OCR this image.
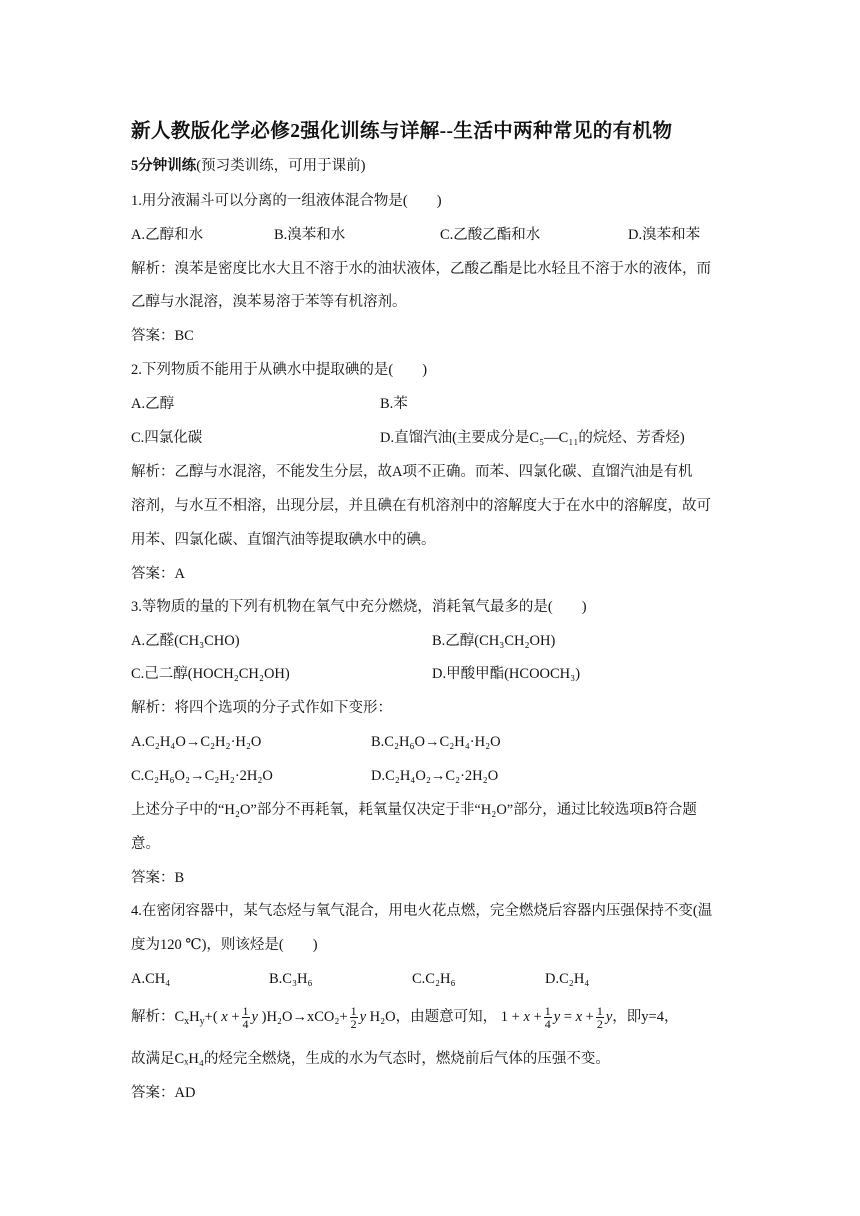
新人教版化学必修2强化训练与详解--生活中两种常见的有机物
5分钟训练(预习类训练，可用于课前)
1.用分液漏斗可以分离的一组液体混合物是(　　)
A.乙醇和水	B.溴苯和水	C.乙酸乙酯和水	D.溴苯和苯
解析：溴苯是密度比水大且不溶于水的油状液体，乙酸乙酯是比水轻且不溶于水的液体，而
乙醇与水混溶，溴苯易溶于苯等有机溶剂。
答案：BC
2.下列物质不能用于从碘水中提取碘的是(　　)
A.乙醇	B.苯
C.四氯化碳	D.直馏汽油(主要成分是C₅—C₁₁的烷烃、芳香烃)
解析：乙醇与水混溶，不能发生分层，故A项不正确。而苯、四氯化碳、直馏汽油是有机
溶剂，与水互不相溶，出现分层，并且碘在有机溶剂中的溶解度大于在水中的溶解度，故可
用苯、四氯化碳、直馏汽油等提取碘水中的碘。
答案：A
3.等物质的量的下列有机物在氧气中充分燃烧，消耗氧气最多的是(　　)
A.乙醛(CH₃CHO)	B.乙醇(CH₃CH₂OH)
C.己二醇(HOCH₂CH₂OH)	D.甲酸甲酯(HCOOCH₃)
解析：将四个选项的分子式作如下变形：
A.C₂H₄O→C₂H₂·H₂O	B.C₂H₆O→C₂H₄·H₂O
C.C₂H₆O₂→C₂H₂·2H₂O	D.C₂H₄O₂→C₂·2H₂O
上述分子中的“H₂O”部分不再耗氧，耗氧量仅决定于非“H₂O”部分，通过比较选项B符合题
意。
答案：B
4.在密闭容器中，某气态烃与氧气混合，用电火花点燃，完全燃烧后容器内压强保持不变(温
度为120 ℃)，则该烃是(　　)
A.CH₄	B.C₃H₆	C.C₂H₆	D.C₂H₄
解析：$C_xH_y+$( $x + \frac{1}{4}$ y )$H_2O\to xCO_2+ \frac{1}{2}$ y H₂O，由题意可知， $1 + x + \frac{1}{4}$ $y = x + \frac{1}{2}$ y，即y=4，
故满足CₓH₄的烃完全燃烧，生成的水为气态时，燃烧前后气体的压强不变。
答案：AD
